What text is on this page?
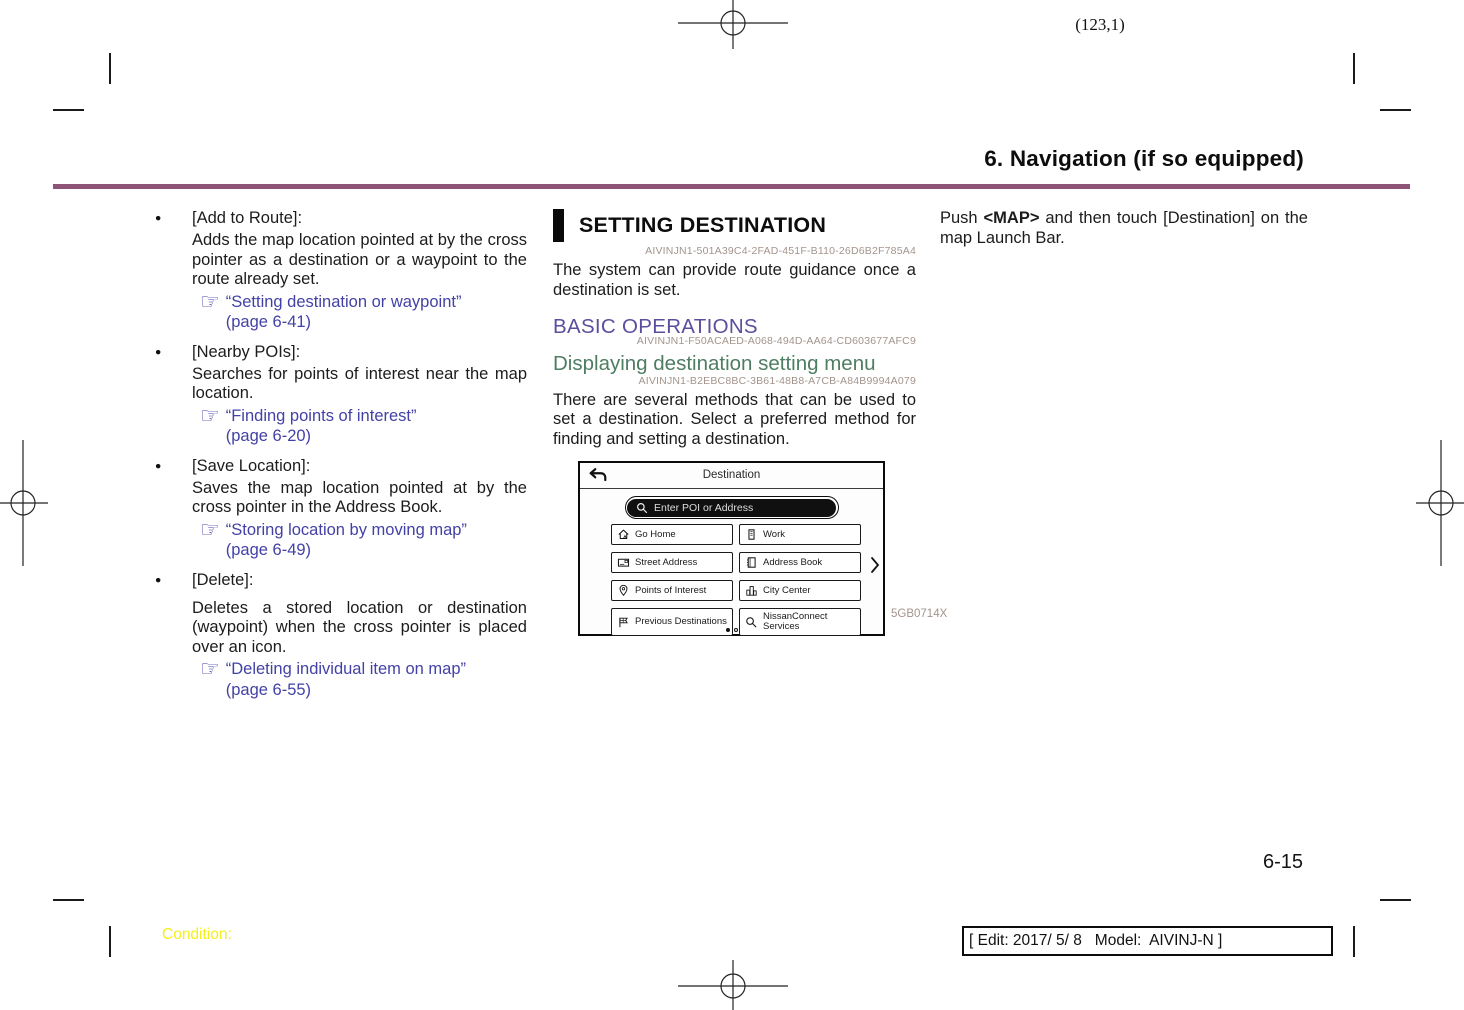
(123,1)
6. Navigation (if so equipped)
●	[Add to Route]:
Adds the map location pointed at by the cross pointer as a destination or a waypoint to the route already set.
☞ “Setting destination or waypoint”
(page 6-41)
●	[Nearby POIs]:
Searches for points of interest near the map location.
☞ “Finding points of interest”
(page 6-20)
●	[Save Location]:
Saves the map location pointed at by the cross pointer in the Address Book.
☞ “Storing location by moving map”
(page 6-49)
●	[Delete]:
Deletes a stored location or destination (waypoint) when the cross pointer is placed over an icon.
☞ “Deleting individual item on map”
(page 6-55)
SETTING DESTINATION
AIVINJN1-501A39C4-2FAD-451F-B110-26D6B2F785A4
The system can provide route guidance once a destination is set.
BASIC OPERATIONS
AIVINJN1-F50ACAED-A068-494D-AA64-CD603677AFC9
Displaying destination setting menu
AIVINJN1-B2EBC8BC-3B61-48B8-A7CB-A84B9994A079
There are several methods that can be used to set a destination. Select a preferred method for finding and setting a destination.
Destination
Enter POI or Address
Go Home	Work
Street Address	Address Book
Points of Interest	City Center
Previous Destinations	NissanConnect Services
5GB0714X
Push <MAP> and then touch [Destination] on the map Launch Bar.
6-15
Condition:	[ Edit: 2017/ 5/ 8   Model:  AIVINJ-N ]
